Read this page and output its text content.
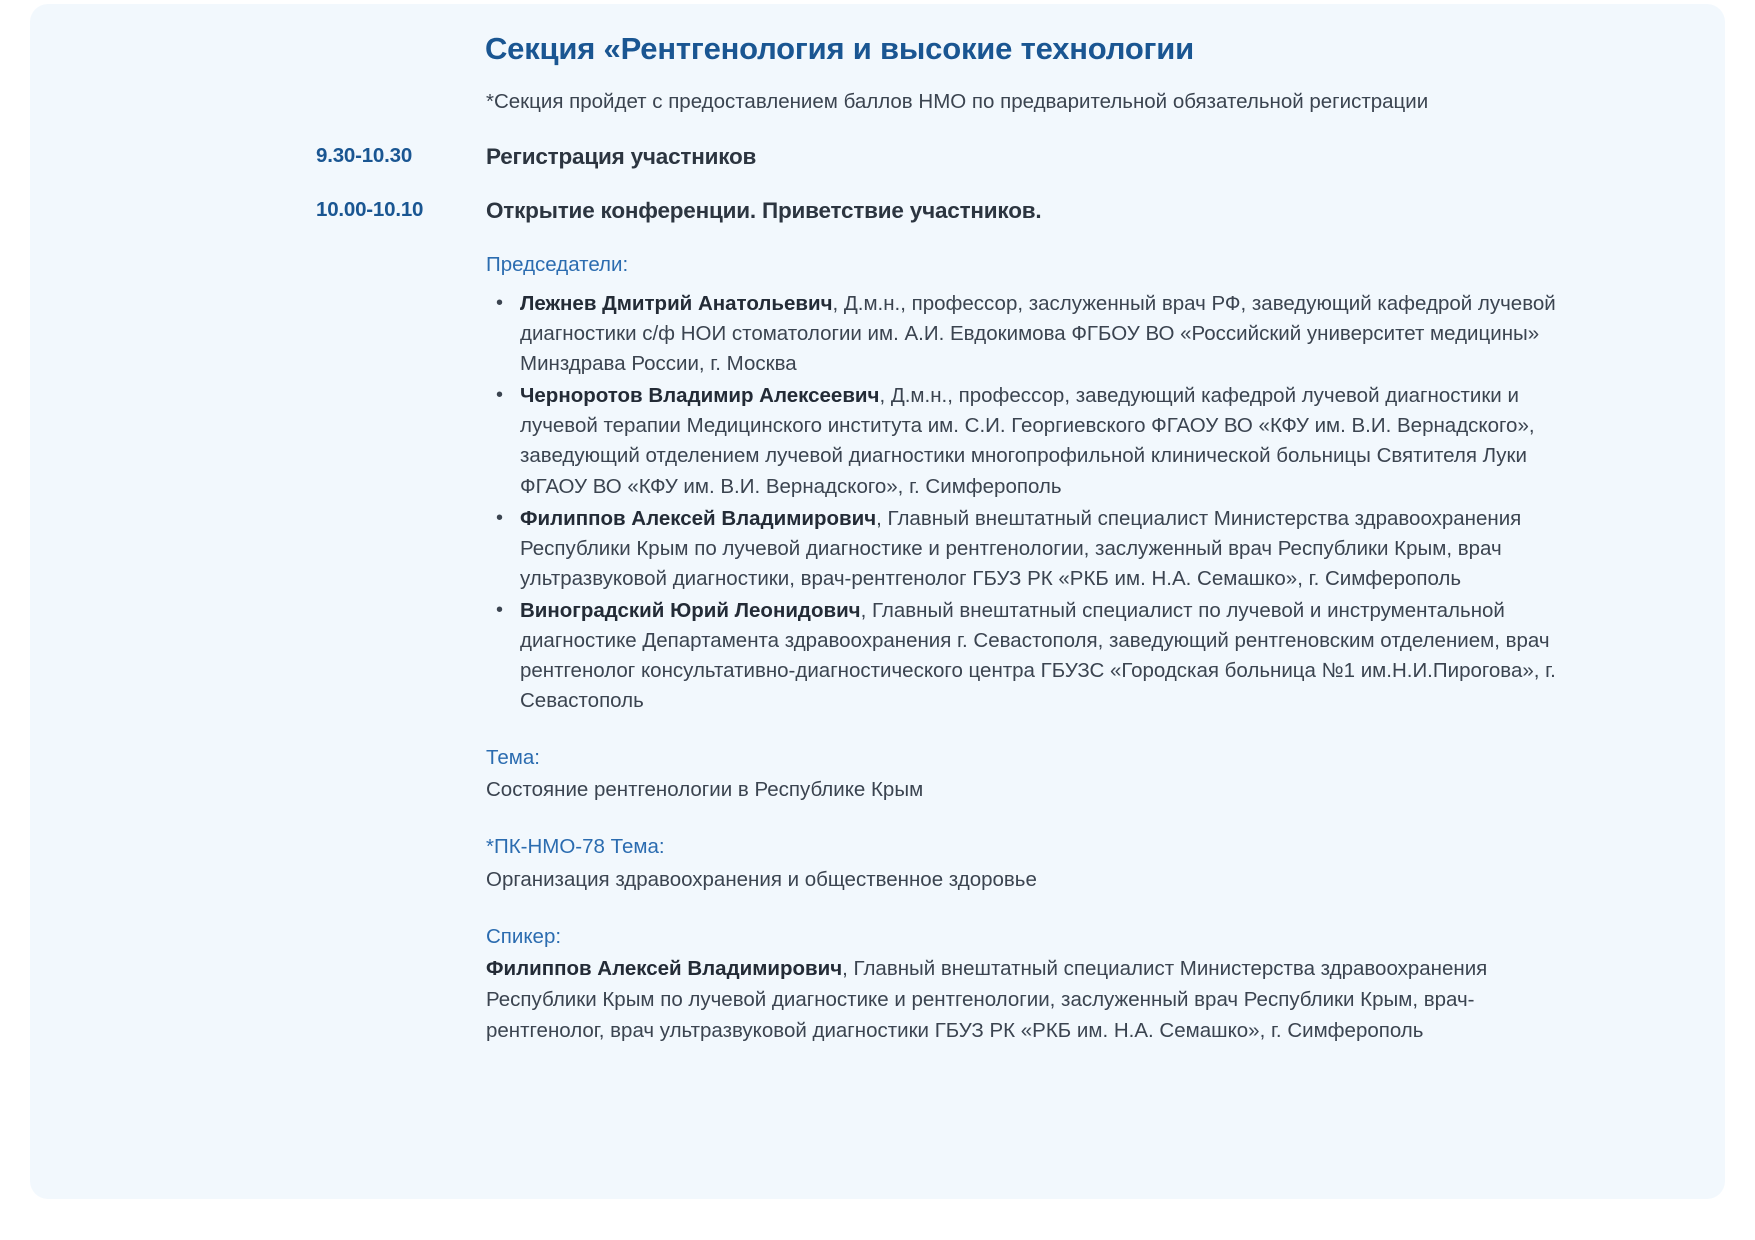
Секция «Рентгенология и высокие технологии
*Секция пройдет с предоставлением баллов НМО по предварительной обязательной регистрации
9.30-10.30	Регистрация участников
10.00-10.10	Открытие конференции. Приветствие участников.

Председатели:

• Лежнев Дмитрий Анатольевич, Д.м.н., профессор, заслуженный врач РФ, заведующий кафедрой лучевой диагностики с/ф НОИ стоматологии им. А.И. Евдокимова ФГБОУ ВО «Российский университет медицины» Минздрава России, г. Москва
• Черноротов Владимир Алексеевич, Д.м.н., профессор, заведующий кафедрой лучевой диагностики и лучевой терапии Медицинского института им. С.И. Георгиевского ФГАОУ ВО «КФУ им. В.И. Вернадского», заведующий отделением лучевой диагностики многопрофильной клинической больницы Святителя Луки ФГАОУ ВО «КФУ им. В.И. Вернадского», г. Симферополь
• Филиппов Алексей Владимирович, Главный внештатный специалист Министерства здравоохранения Республики Крым по лучевой диагностике и рентгенологии, заслуженный врач Республики Крым, врач ультразвуковой диагностики, врач-рентгенолог ГБУЗ РК «РКБ им. Н.А. Семашко», г. Симферополь
• Виноградский Юрий Леонидович, Главный внештатный специалист по лучевой и инструментальной диагностике Департамента здравоохранения г. Севастополя, заведующий рентгеновским отделением, врач рентгенолог консультативно-диагностического центра ГБУЗС «Городская больница №1 им.Н.И.Пирогова», г. Севастополь

Тема:

Состояние рентгенологии в Республике Крым

*ПК-НМО-78 Тема:

Организация здравоохранения и общественное здоровье

Спикер:

Филиппов Алексей Владимирович, Главный внештатный специалист Министерства здравоохранения Республики Крым по лучевой диагностике и рентгенологии, заслуженный врач Республики Крым, врач-рентгенолог, врач ультразвуковой диагностики ГБУЗ РК «РКБ им. Н.А. Семашко», г. Симферополь
